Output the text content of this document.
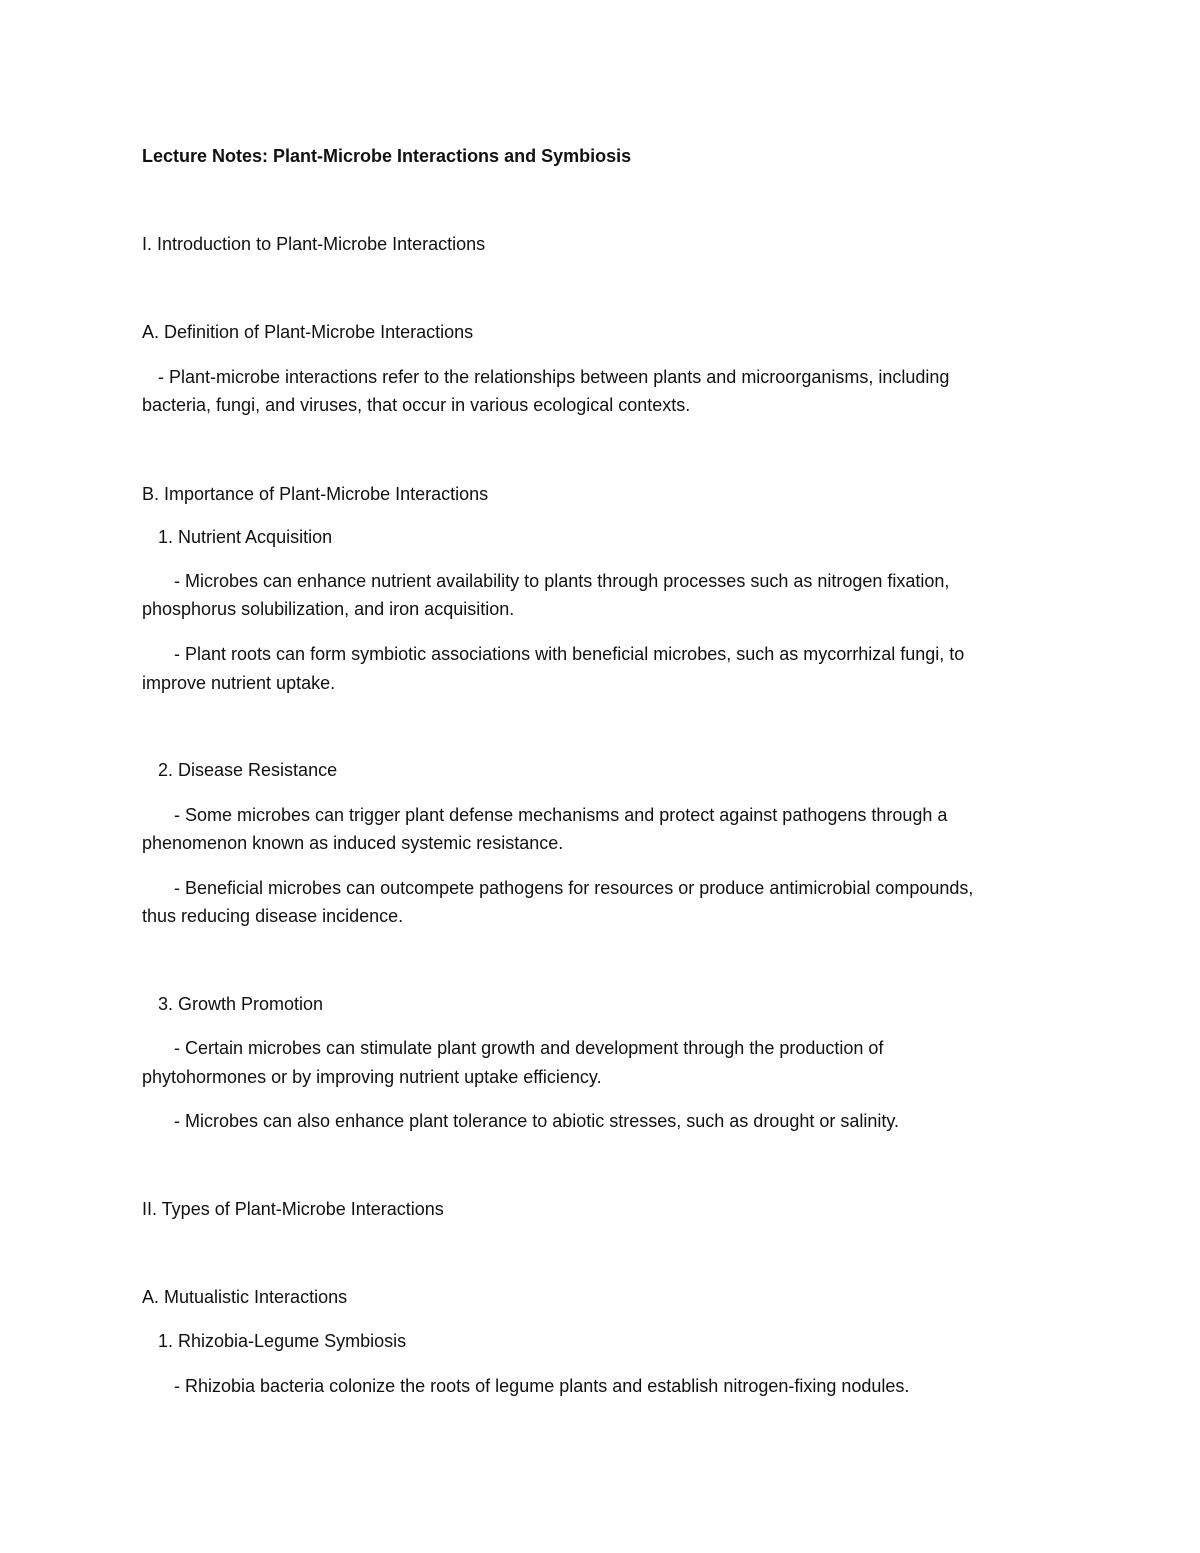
Lecture Notes: Plant-Microbe Interactions and Symbiosis
I. Introduction to Plant-Microbe Interactions
A. Definition of Plant-Microbe Interactions
- Plant-microbe interactions refer to the relationships between plants and microorganisms, including
bacteria, fungi, and viruses, that occur in various ecological contexts.
B. Importance of Plant-Microbe Interactions
1. Nutrient Acquisition
- Microbes can enhance nutrient availability to plants through processes such as nitrogen fixation,
phosphorus solubilization, and iron acquisition.
- Plant roots can form symbiotic associations with beneficial microbes, such as mycorrhizal fungi, to
improve nutrient uptake.
2. Disease Resistance
- Some microbes can trigger plant defense mechanisms and protect against pathogens through a
phenomenon known as induced systemic resistance.
- Beneficial microbes can outcompete pathogens for resources or produce antimicrobial compounds,
thus reducing disease incidence.
3. Growth Promotion
- Certain microbes can stimulate plant growth and development through the production of
phytohormones or by improving nutrient uptake efficiency.
- Microbes can also enhance plant tolerance to abiotic stresses, such as drought or salinity.
II. Types of Plant-Microbe Interactions
A. Mutualistic Interactions
1. Rhizobia-Legume Symbiosis
- Rhizobia bacteria colonize the roots of legume plants and establish nitrogen-fixing nodules.
